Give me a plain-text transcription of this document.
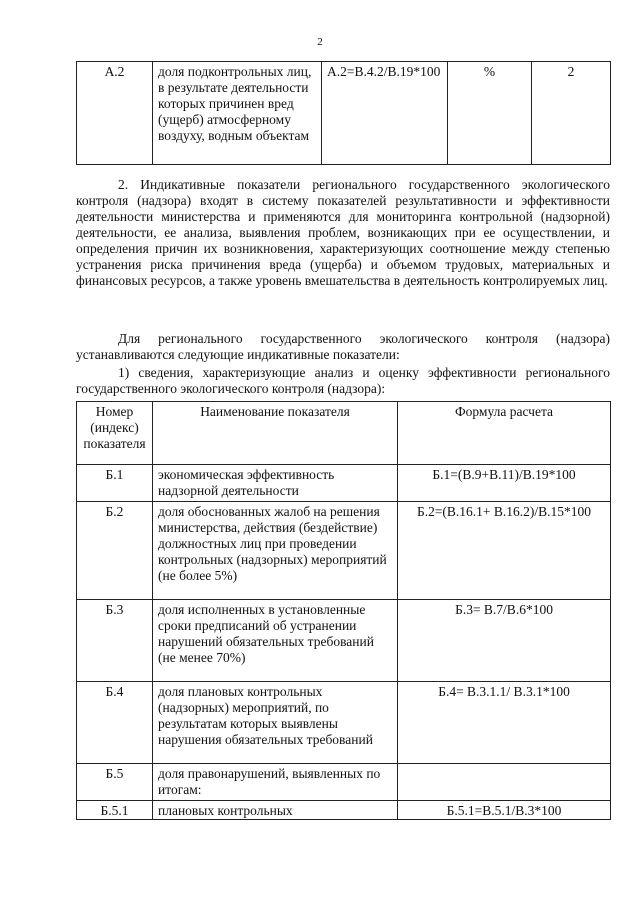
2
А.2	доля подконтрольных лиц, в результате деятельности которых причинен вред (ущерб) атмосферному воздуху, водным объектам	А.2=В.4.2/В.19*100	%	2

2. Индикативные показатели регионального государственного экологического контроля (надзора) входят в систему показателей результативности и эффективности деятельности министерства и применяются для мониторинга контрольной (надзорной) деятельности, ее анализа, выявления проблем, возникающих при ее осуществлении, и определения причин их возникновения, характеризующих соотношение между степенью устранения риска причинения вреда (ущерба) и объемом трудовых, материальных и финансовых ресурсов, а также уровень вмешательства в деятельность контролируемых лиц.

Для регионального государственного экологического контроля (надзора) устанавливаются следующие индикативные показатели:

1) сведения, характеризующие анализ и оценку эффективности регионального государственного экологического контроля (надзора):

Номер (индекс) показателя	Наименование показателя	Формула расчета
Б.1	экономическая эффективность надзорной деятельности	Б.1=(В.9+В.11)/В.19*100
Б.2	доля обоснованных жалоб на решения министерства, действия (бездействие) должностных лиц при проведении контрольных (надзорных) мероприятий (не более 5%)	Б.2=(В.16.1+ В.16.2)/В.15*100
Б.3	доля исполненных в установленные сроки предписаний об устранении нарушений обязательных требований (не менее 70%)	Б.3= В.7/В.6*100
Б.4	доля плановых контрольных (надзорных) мероприятий, по результатам которых выявлены нарушения обязательных требований	Б.4= В.3.1.1/ В.3.1*100
Б.5	доля правонарушений, выявленных по итогам:	
Б.5.1	плановых контрольных	Б.5.1=В.5.1/В.3*100
